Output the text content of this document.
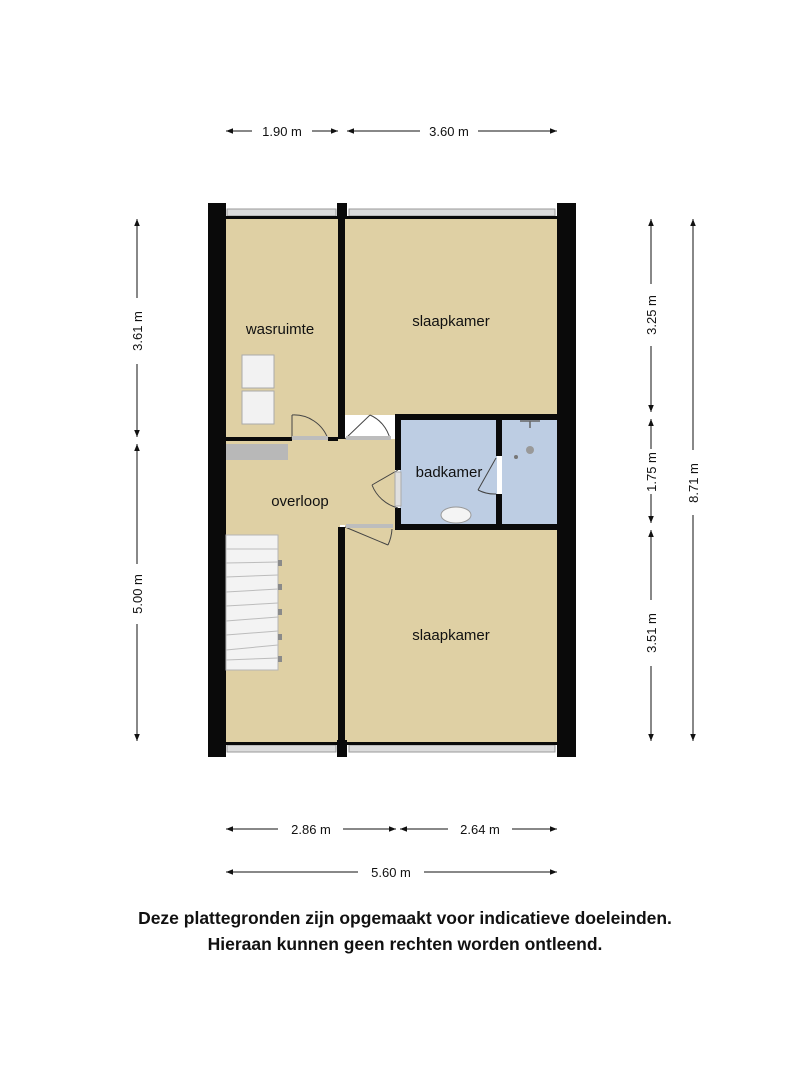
wasruimte	slaapkamer
badkamer
overloop
slaapkamer
1.90 m	3.60 m
2.86 m	2.64 m
5.60 m
3.61 m
5.00 m
3.25 m
1.75 m
3.51 m
8.71 m
Deze plattegronden zijn opgemaakt voor indicatieve doeleinden.
Hieraan kunnen geen rechten worden ontleend.
